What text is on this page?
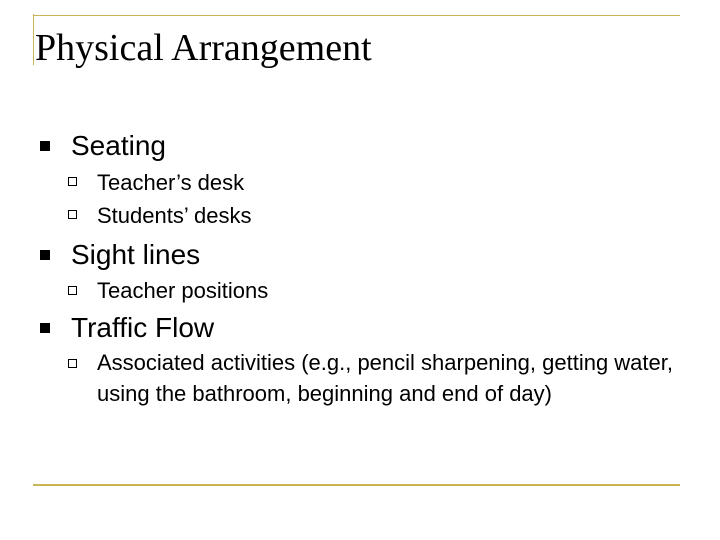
Physical Arrangement
Seating
Teacher’s desk
Students’ desks
Sight lines
Teacher positions
Traffic Flow
Associated activities (e.g., pencil sharpening, getting water, using the bathroom, beginning and end of day)
